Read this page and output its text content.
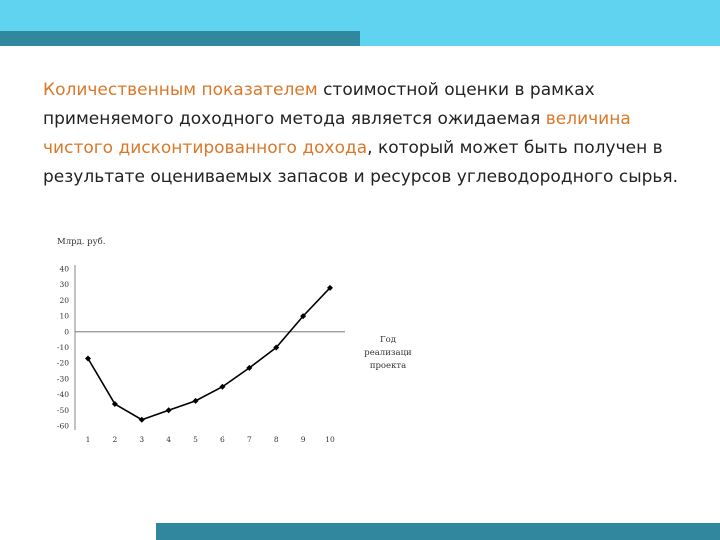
Количественным показателем стоимостной оценки в рамках применяемого доходного метода является ожидаемая величина чистого дисконтированного дохода, который может быть получен в результате оцениваемых запасов и ресурсов углеводородного сырья.
Млрд. руб.
40
30
20
10
0
-10
-20
-30
-40
-50
-60
1	2	3	4	5	6	7	8	9	10
Год
реализаци
проекта
